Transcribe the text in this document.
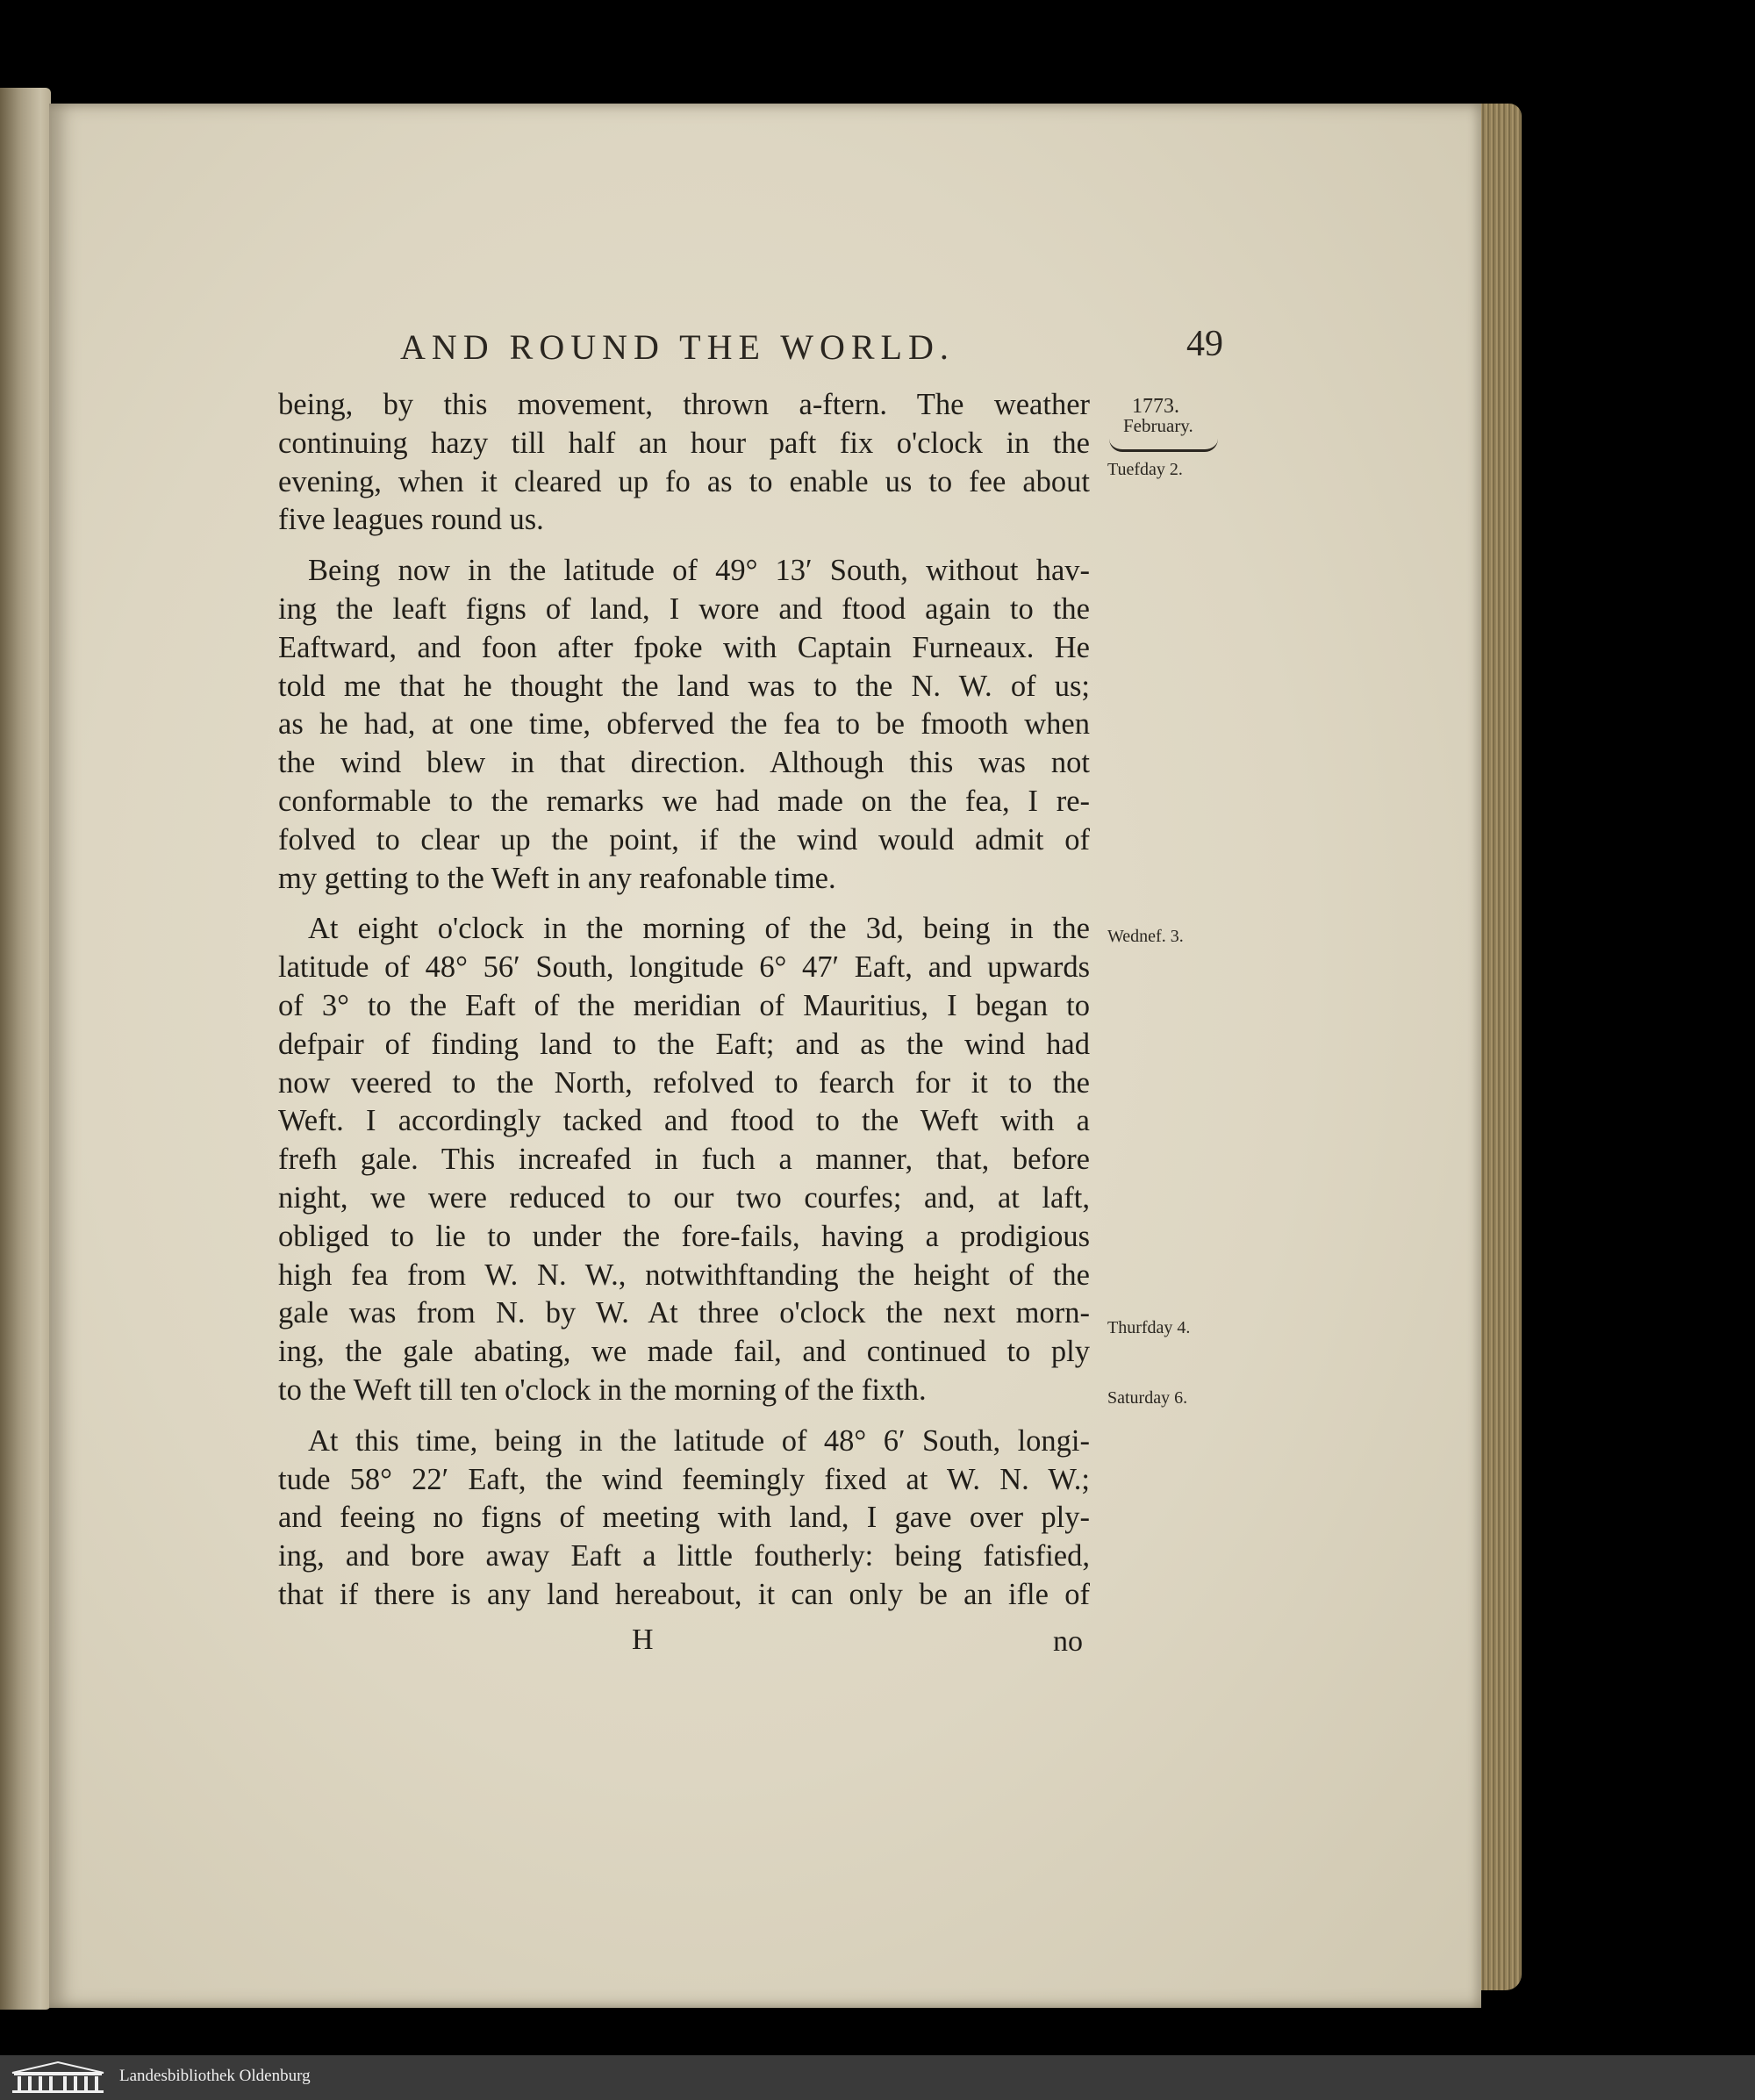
AND ROUND THE WORLD.	49
1773.
February.
Tuefday 2.
Wednef. 3.
Thurfday 4.
Saturday 6.
being, by this movement, thrown a-ftern. The weather
continuing hazy till half an hour paft fix o'clock in the
evening, when it cleared up fo as to enable us to fee about
five leagues round us.
Being now in the latitude of 49° 13′ South, without hav-
ing the leaft figns of land, I wore and ftood again to the
Eaftward, and foon after fpoke with Captain Furneaux. He
told me that he thought the land was to the N. W. of us;
as he had, at one time, obferved the fea to be fmooth when
the wind blew in that direction. Although this was not
conformable to the remarks we had made on the fea, I re-
folved to clear up the point, if the wind would admit of
my getting to the Weft in any reafonable time.
At eight o'clock in the morning of the 3d, being in the
latitude of 48° 56′ South, longitude 6° 47′ Eaft, and upwards
of 3° to the Eaft of the meridian of Mauritius, I began to
defpair of finding land to the Eaft; and as the wind had
now veered to the North, refolved to fearch for it to the
Weft. I accordingly tacked and ftood to the Weft with a
frefh gale. This increafed in fuch a manner, that, before
night, we were reduced to our two courfes; and, at laft,
obliged to lie to under the fore-fails, having a prodigious
high fea from W. N. W., notwithftanding the height of the
gale was from N. by W. At three o'clock the next morn-
ing, the gale abating, we made fail, and continued to ply
to the Weft till ten o'clock in the morning of the fixth.
At this time, being in the latitude of 48° 6′ South, longi-
tude 58° 22′ Eaft, the wind feemingly fixed at W. N. W.;
and feeing no figns of meeting with land, I gave over ply-
ing, and bore away Eaft a little foutherly: being fatisfied,
that if there is any land hereabout, it can only be an ifle of
H	no
Landesbibliothek Oldenburg
